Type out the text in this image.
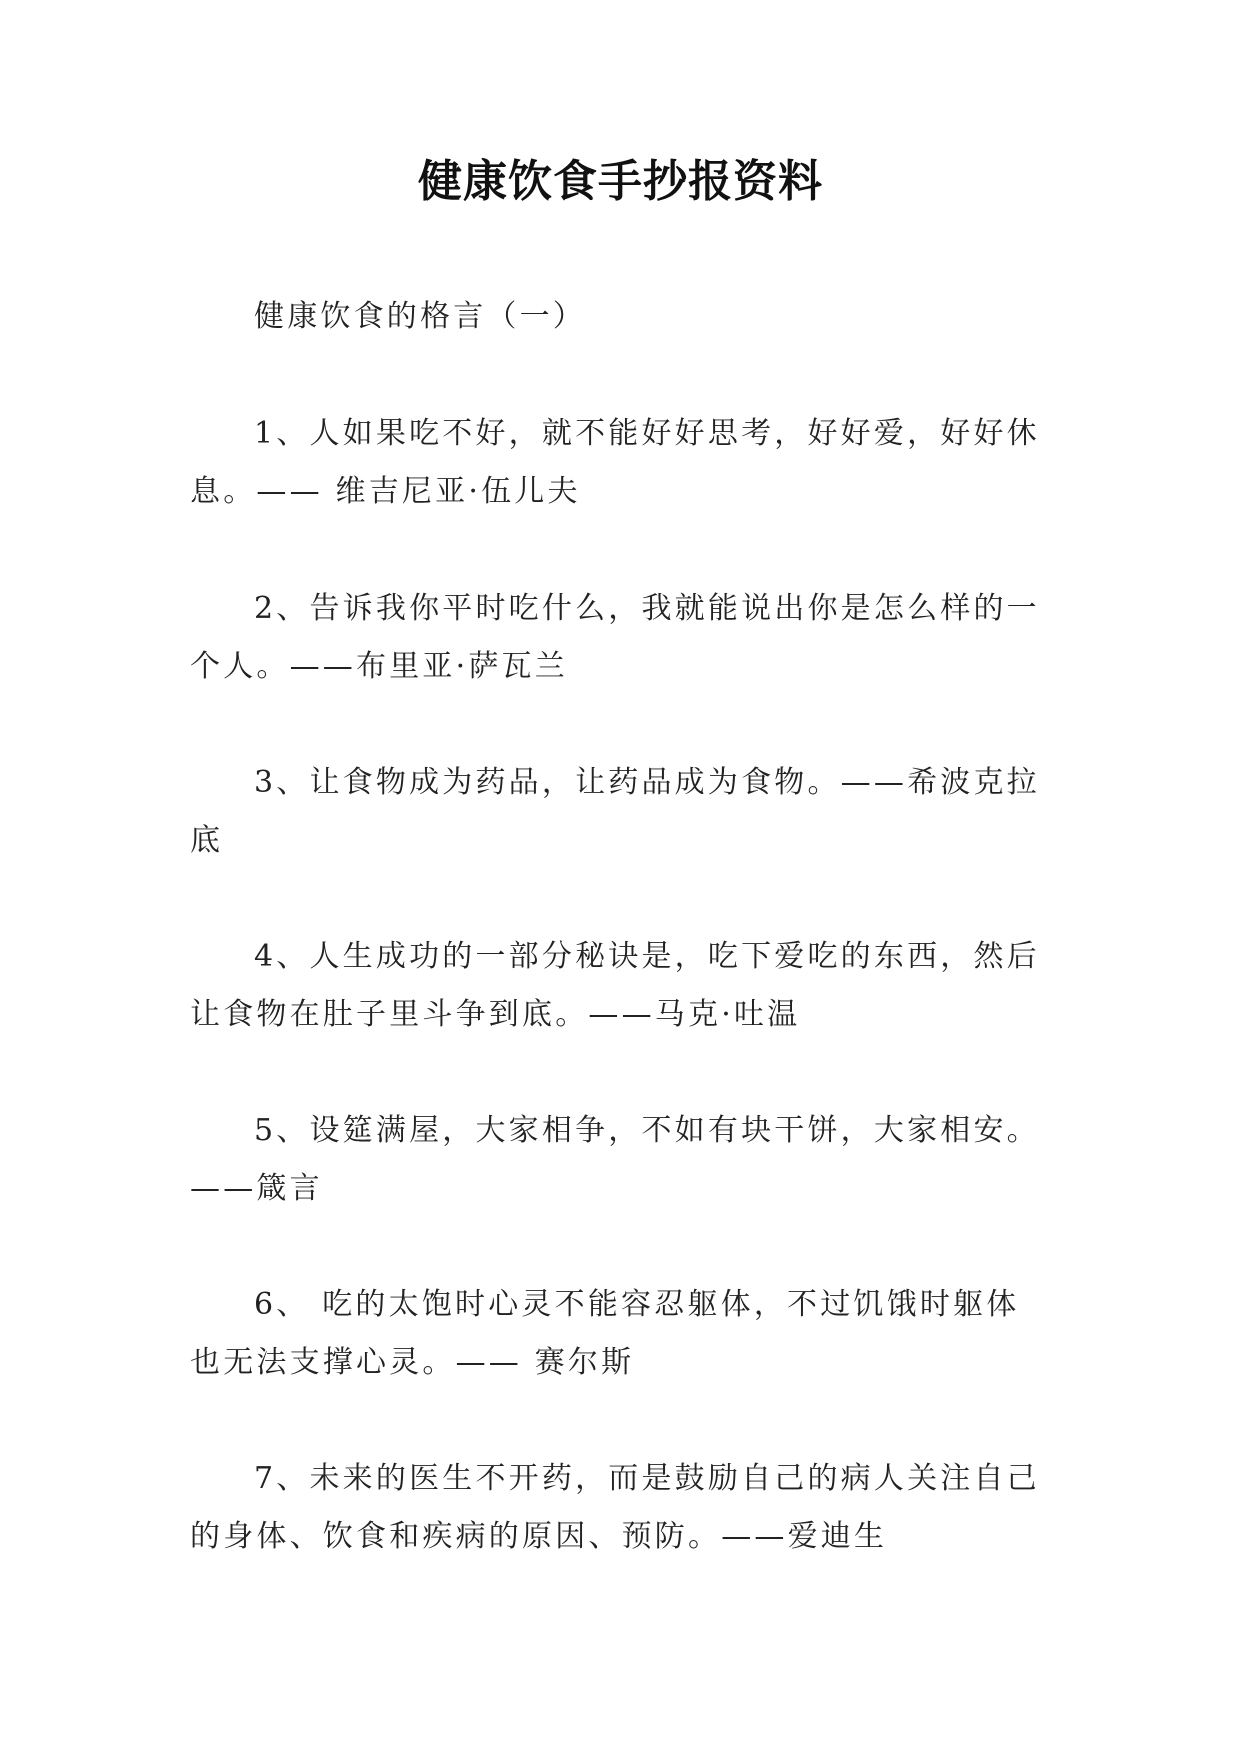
健康饮食手抄报资料
健康饮食的格言（一）
1、人如果吃不好，就不能好好思考，好好爱，好好休息。—— 维吉尼亚·伍儿夫
2、告诉我你平时吃什么，我就能说出你是怎么样的一个人。——布里亚·萨瓦兰
3、让食物成为药品，让药品成为食物。——希波克拉底
4、人生成功的一部分秘诀是，吃下爱吃的东西，然后让食物在肚子里斗争到底。——马克·吐温
5、设筵满屋，大家相争，不如有块干饼，大家相安。——箴言
6、 吃的太饱时心灵不能容忍躯体，不过饥饿时躯体也无法支撑心灵。—— 赛尔斯
7、未来的医生不开药，而是鼓励自己的病人关注自己的身体、饮食和疾病的原因、预防。——爱迪生
